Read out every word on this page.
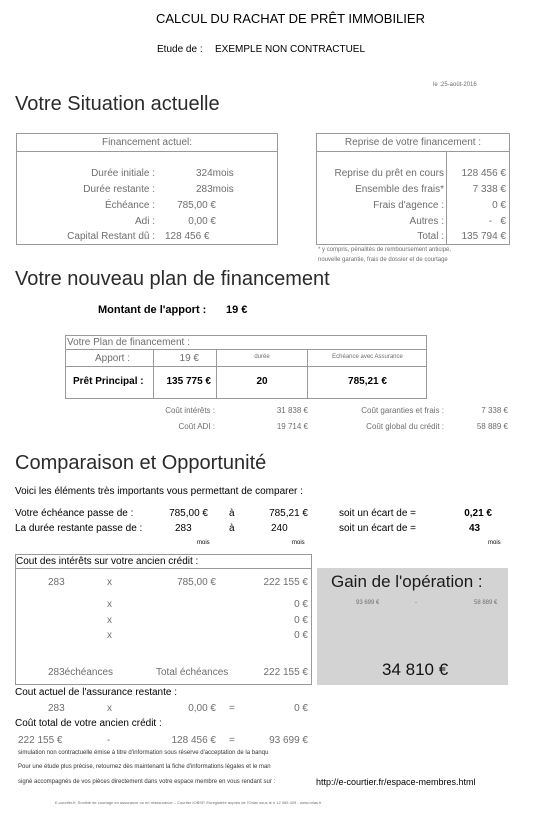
CALCUL DU RACHAT DE PRÊT IMMOBILIER
Etude de : EXEMPLE NON CONTRACTUEL
le :25-août-2016
Votre Situation actuelle
Financement actuel:
Durée initiale :	324mois
Durée restante :	283mois
Échéance :	785,00 €
Adi :	0,00 €
Capital Restant dû : 128 456 €
Reprise de votre financement :
Reprise du prêt en cours	128 456 €
Ensemble des frais*	7 338 €
Frais d'agence :	0 €
Autres :	-   €
Total :	135 794 €
* y compris, pénalités de remboursement anticipé,
nouvelle garantie, frais de dossier et de courtage
Votre nouveau plan de financement
Montant de l'apport : 19 €
Votre Plan de financement :
Apport :	19 €	durée	Echéance avec Assurance
Prêt Principal :	135 775 €	20	785,21 €
Coût intérêts :	31 838 €
Coût ADI :	19 714 €
Coût garanties et frais :	7 338 €
Coût global du crédit :	58 889 €
Comparaison et Opportunité
Voici les éléments très importants vous permettant de comparer :
Votre échéance passe de :	785,00 € à	785,21 €	soit un écart de =	0,21 €
La durée restante passe de :	283	à	240	soit un écart de =	43
mois	mois	mois
Cout des intérêts sur votre ancien crédit :
283	x	785,00 €	222 155 €
x	0 €
x	0 €
x	0 €
283échéances	Total échéances	222 155 €
Gain de l'opération :
93 699 €	-	58 889 €
34 810 €
Cout actuel de l'assurance restante :
283	x	0,00 € =	0 €
Coût total de votre ancien crédit :
222 155 €	-	128 456 € =	93 699 €
simulation non contractuelle émise à titre d'information sous réserve d'acceptation de la banqu
Pour une étude plus précise, retournez dès maintenant la fiche d'informations légales et le man
signé accompagnés de vos pièces directement dans votre espace membre en vous rendant sur :	http://e-courtier.fr/espace-membres.html
E-courtier.fr, Société de courtage en assurance ou en réassurance – Courtier IOBSP. Enregistrée auprès de l'Orias sous le n 12 065 429 - www.orias.fr
